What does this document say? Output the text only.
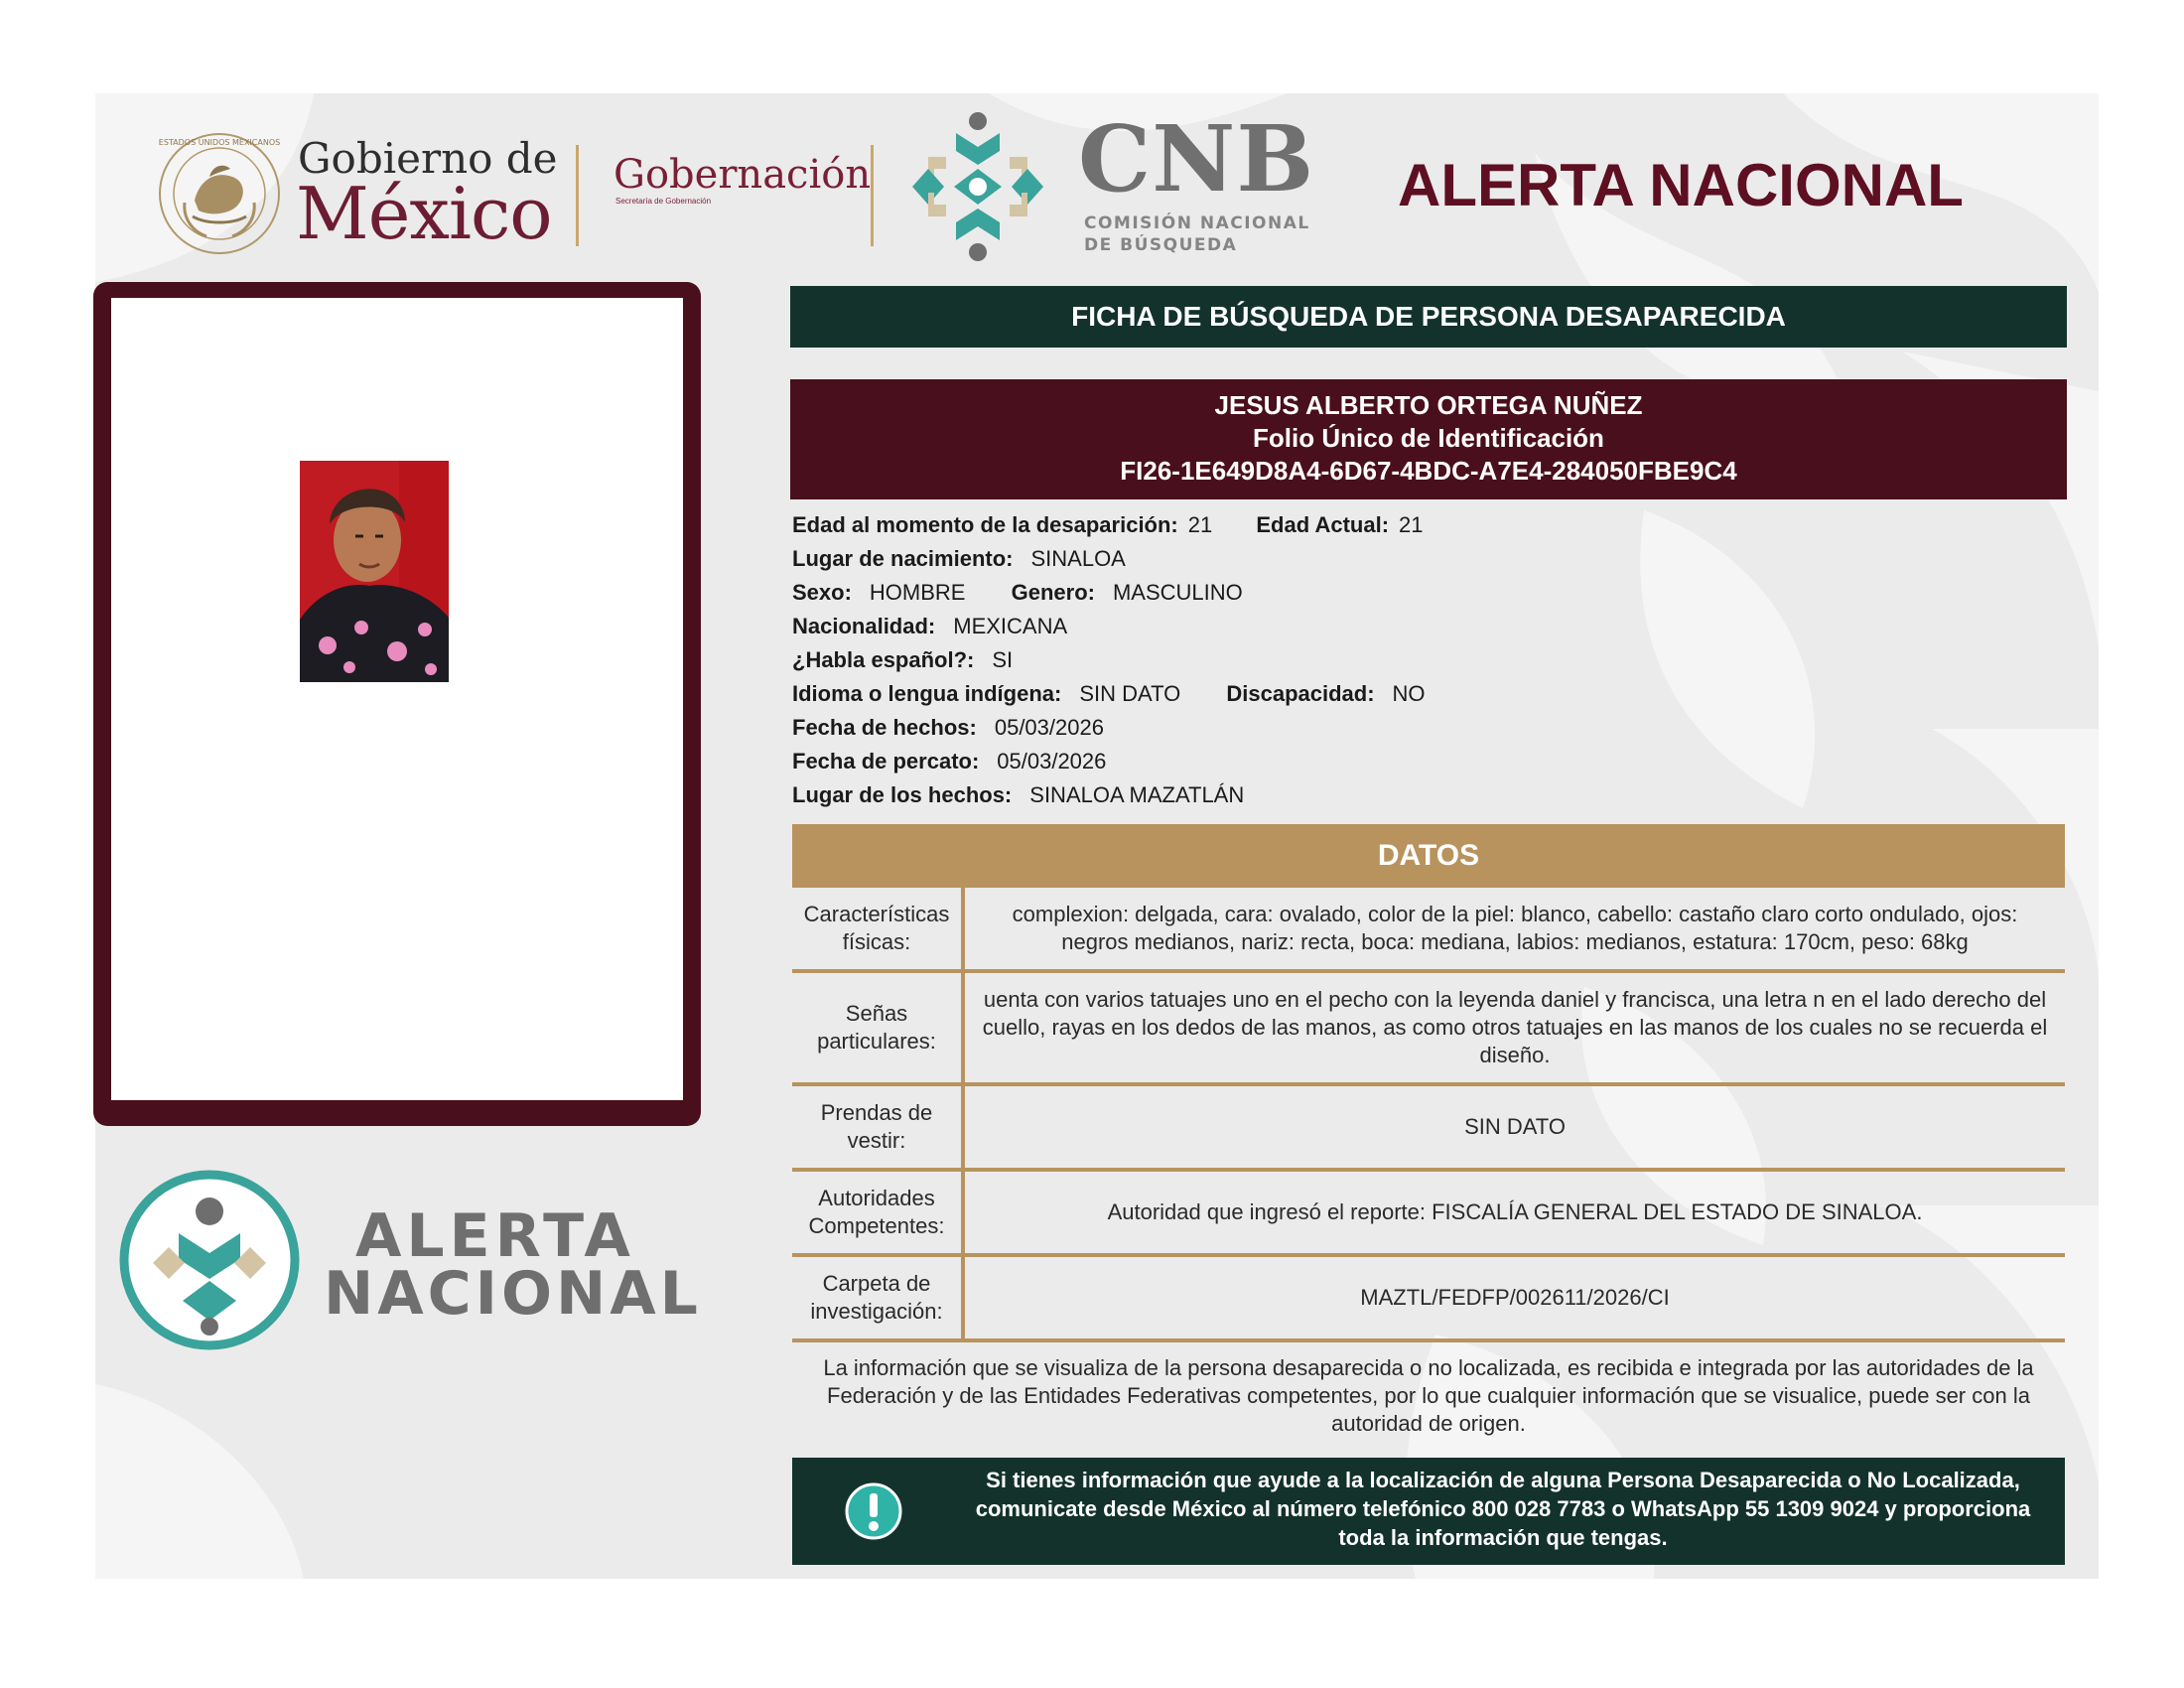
ESTADOS UNIDOS MEXICANOS Gobierno de
México Gobernación
Secretaría de Gobernación	CNB
COMISIÓN NACIONAL
DE BÚSQUEDA
ALERTA NACIONAL
ALERTA
NACIONAL
FICHA DE BÚSQUEDA DE PERSONA DESAPARECIDA
JESUS ALBERTO ORTEGA NUÑEZ
Folio Único de Identificación
FI26-1E649D8A4-6D67-4BDC-A7E4-284050FBE9C4
Edad al momento de la desaparición: 21 Edad Actual: 21
Lugar de nacimiento: SINALOA
Sexo: HOMBRE Genero: MASCULINO
Nacionalidad: MEXICANA
¿Habla español?: SI
Idioma o lengua indígena: SIN DATO Discapacidad: NO
Fecha de hechos: 05/03/2026
Fecha de percato: 05/03/2026
Lugar de los hechos: SINALOA MAZATLÁN
DATOS
Características físicas:
complexion: delgada, cara: ovalado, color de la piel: blanco, cabello: castaño claro corto ondulado, ojos: negros medianos, nariz: recta, boca: mediana, labios: medianos, estatura: 170cm, peso: 68kg
Señas particulares:
uenta con varios tatuajes uno en el pecho con la leyenda daniel y francisca, una letra n en el lado derecho del cuello, rayas en los dedos de las manos, as como otros tatuajes en las manos de los cuales no se recuerda el diseño.
Prendas de vestir:
SIN DATO
Autoridades Competentes:
Autoridad que ingresó el reporte: FISCALÍA GENERAL DEL ESTADO DE SINALOA.
Carpeta de investigación:
MAZTL/FEDFP/002611/2026/CI
La información que se visualiza de la persona desaparecida o no localizada, es recibida e integrada por las autoridades de la Federación y de las Entidades Federativas competentes, por lo que cualquier información que se visualice, puede ser con la autoridad de origen.
Si tienes información que ayude a la localización de alguna Persona Desaparecida o No Localizada, comunicate desde México al número telefónico 800 028 7783 o WhatsApp 55 1309 9024 y proporciona toda la información que tengas.
